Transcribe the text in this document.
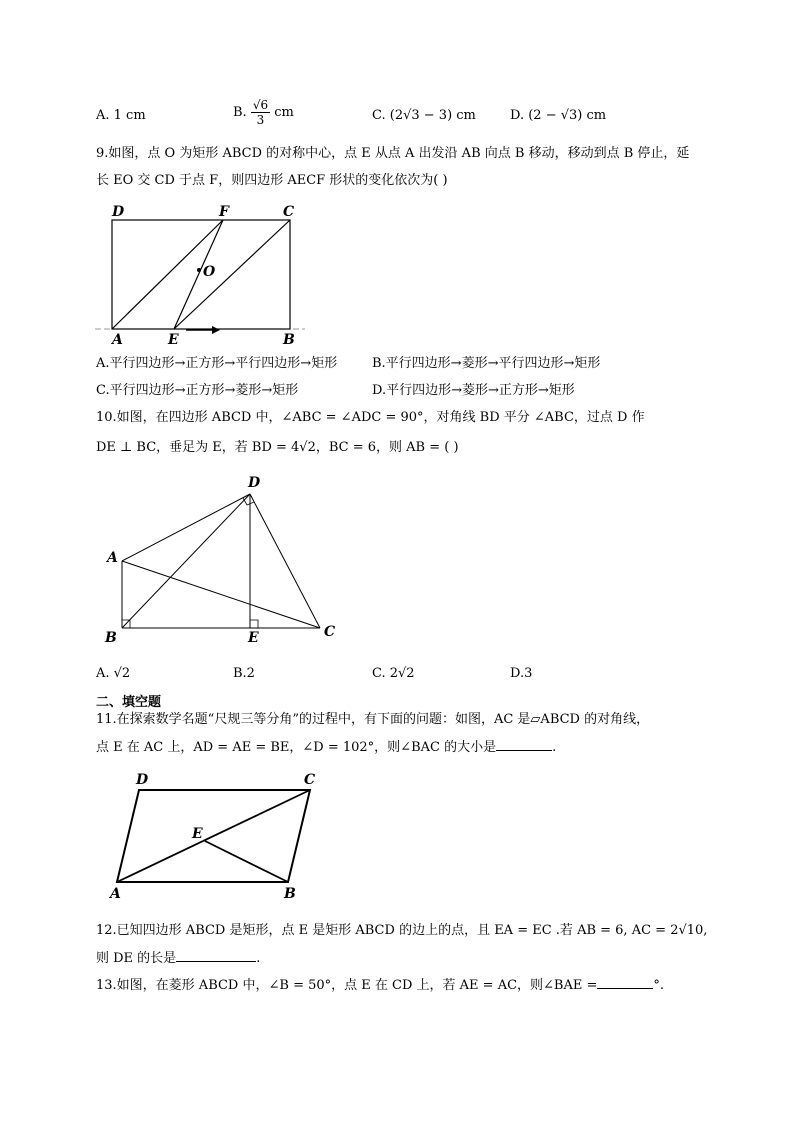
A. 1 cm	B. $\frac{√6}{3}$ cm	C. (2√3 − 3) cm	D. (2 − √3) cm
9.如图，点 O 为矩形 ABCD 的对称中心，点 E 从点 A 出发沿 AB 向点 B 移动，移动到点 B 停止，延
长 EO 交 CD 于点 F，则四边形 AECF 形状的变化依次为( )
D	F	C
O
A	E	B
A.平行四边形→正方形→平行四边形→矩形	B.平行四边形→菱形→平行四边形→矩形
C.平行四边形→正方形→菱形→矩形	D.平行四边形→菱形→正方形→矩形
10.如图，在四边形 ABCD 中，∠ABC = ∠ADC = 90°，对角线 BD 平分 ∠ABC，过点 D 作
DE ⊥ BC，垂足为 E，若 BD = 4√2，BC = 6，则 AB = ( )
D
A
B	E	C
A. √2	B.2	C. 2√2	D.3
二、填空题
11.在探索数学名题“尺规三等分角”的过程中，有下面的问题：如图，AC 是▱ABCD 的对角线，
点 E 在 AC 上，AD = AE = BE，∠D = 102°，则∠BAC 的大小是	.
D	C
E
A	B
12.已知四边形 ABCD 是矩形，点 E 是矩形 ABCD 的边上的点，且 EA = EC .若 AB = 6, AC = 2√10,
则 DE 的长是	.
13.如图，在菱形 ABCD 中，∠B = 50°，点 E 在 CD 上，若 AE = AC，则∠BAE =	°.
